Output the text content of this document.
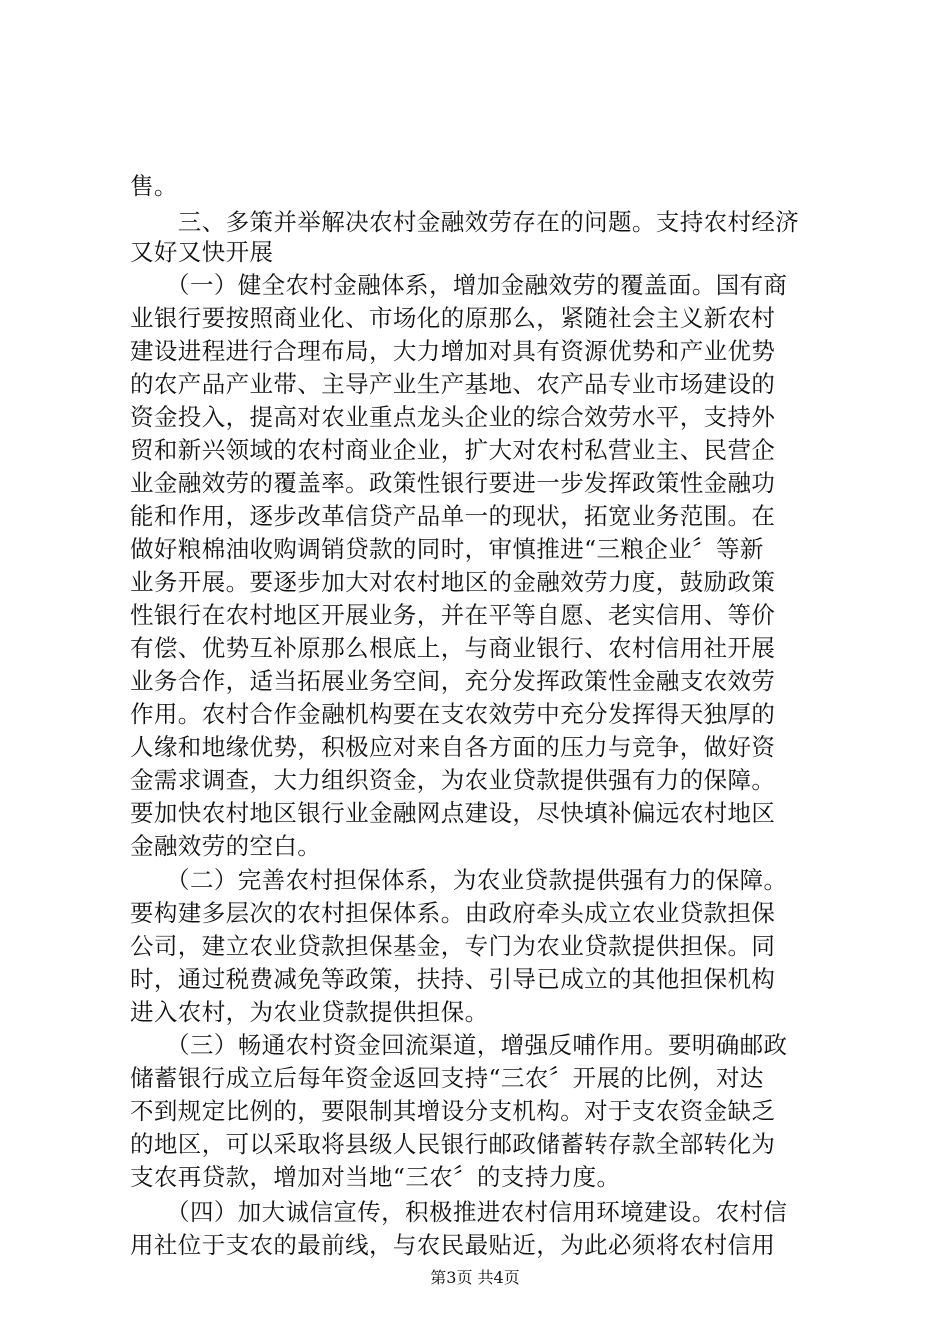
售。
　　三、多策并举解决农村金融效劳存在的问题。支持农村经济
又好又快开展
　　（一）健全农村金融体系，增加金融效劳的覆盖面。国有商
业银行要按照商业化、市场化的原那么，紧随社会主义新农村
建设进程进行合理布局，大力增加对具有资源优势和产业优势
的农产品产业带、主导产业生产基地、农产品专业市场建设的
资金投入，提高对农业重点龙头企业的综合效劳水平，支持外
贸和新兴领域的农村商业企业，扩大对农村私营业主、民营企
业金融效劳的覆盖率。政策性银行要进一步发挥政策性金融功
能和作用，逐步改革信贷产品单一的现状，拓宽业务范围。在
做好粮棉油收购调销贷款的同时，审慎推进“三粮企业〞等新
业务开展。要逐步加大对农村地区的金融效劳力度，鼓励政策
性银行在农村地区开展业务，并在平等自愿、老实信用、等价
有偿、优势互补原那么根底上，与商业银行、农村信用社开展
业务合作，适当拓展业务空间，充分发挥政策性金融支农效劳
作用。农村合作金融机构要在支农效劳中充分发挥得天独厚的
人缘和地缘优势，积极应对来自各方面的压力与竞争，做好资
金需求调查，大力组织资金，为农业贷款提供强有力的保障。
要加快农村地区银行业金融网点建设，尽快填补偏远农村地区
金融效劳的空白。
　　（二）完善农村担保体系，为农业贷款提供强有力的保障。
要构建多层次的农村担保体系。由政府牵头成立农业贷款担保
公司，建立农业贷款担保基金，专门为农业贷款提供担保。同
时，通过税费减免等政策，扶持、引导已成立的其他担保机构
进入农村，为农业贷款提供担保。
　　（三）畅通农村资金回流渠道，增强反哺作用。要明确邮政
储蓄银行成立后每年资金返回支持“三农〞开展的比例，对达
不到规定比例的，要限制其增设分支机构。对于支农资金缺乏
的地区，可以采取将县级人民银行邮政储蓄转存款全部转化为
支农再贷款，增加对当地“三农〞的支持力度。
　　（四）加大诚信宣传，积极推进农村信用环境建设。农村信
用社位于支农的最前线，与农民最贴近，为此必须将农村信用
第3页 共4页
